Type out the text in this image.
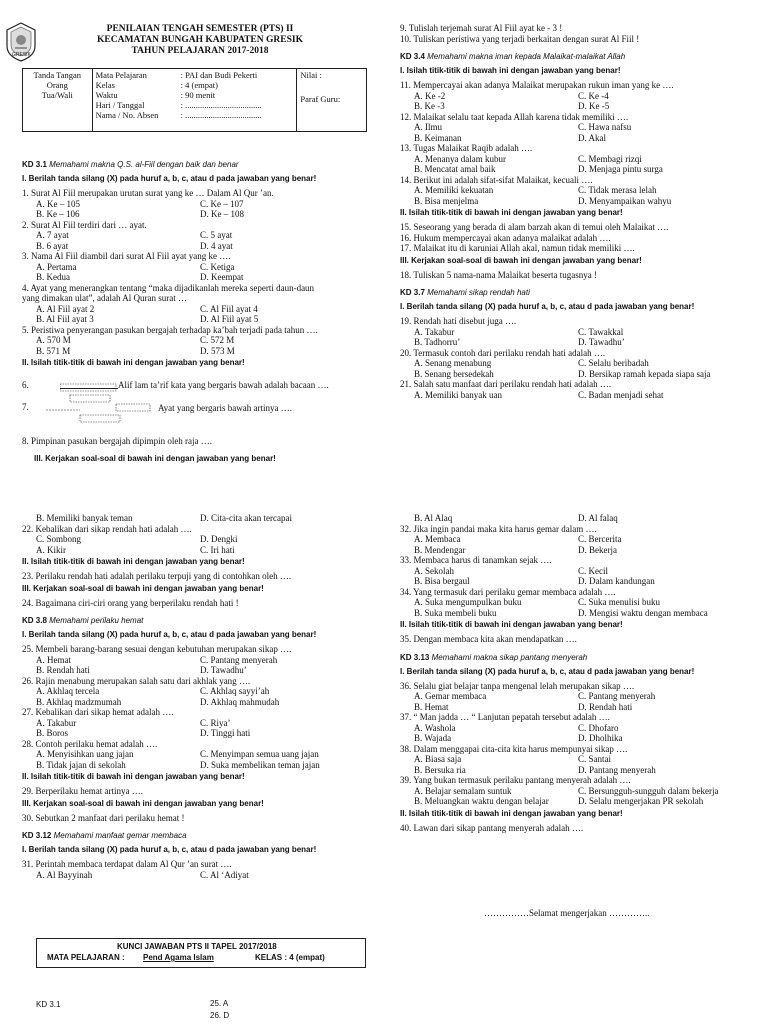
GRESIK
PENILAIAN TENGAH SEMESTER (PTS) II
KECAMATAN BUNGAH KABUPATEN GRESIK
TAHUN PELAJARAN 2017-2018
Tanda Tangan
Orang
Tua/Wali

Mata Pelajaran	: PAI dan Budi Pekerti
Kelas	: 4 (empat)
Waktu	: 90 menit
Hari / Tanggal	: ....................................
Nama / No. Absen	: ....................................

Nilai :
Paraf Guru:
KD 3.1 Memahami makna Q.S. al-Fiil dengan baik dan benar
I. Berilah tanda silang (X) pada huruf a, b, c, atau d pada jawaban yang benar!
1. Surat Al Fiil merupakan urutan surat yang ke … Dalam Al Qur ’an.
A. Ke – 105	C. Ke – 107
B. Ke – 106	D. Ke – 108
2. Surat Al Fiil terdiri dari … ayat.
A. 7 ayat	C. 5 ayat
B. 6 ayat	D. 4 ayat
3. Nama Al Fiil diambil dari surat Al Fiil ayat yang ke ….
A. Pertama	C. Ketiga
B. Kedua	D. Keempat
4. Ayat yang menerangkan tentang “maka dijadikanlah mereka seperti daun-daun
yang dimakan ulat”, adalah Al Quran surat …
A. Al Fiil ayat 2	C. Al Fiil ayat 4
B. Al Fiil ayat 3	D. Al Fiil ayat 5
5. Peristiwa penyerangan pasukan bergajah terhadap ka’bah terjadi pada tahun ….
A. 570 M	C. 572 M
B. 571 M	D. 573 M
II. Isilah titik-titik di bawah ini dengan jawaban yang benar!
9. Tulislah terjemah surat Al Fiil ayat ke - 3 !
10. Tuliskan peristiwa yang terjadi berkaitan dengan surat Al Fiil !
KD 3.4 Memahami makna iman kepada Malaikat-malaikat Allah
I. Isilah titik-titik di bawah ini dengan jawaban yang benar!
11. Mempercayai akan adanya Malaikat merupakan rukun iman yang ke ….
A. Ke -2	C. Ke -4
B. Ke -3	D. Ke -5
12. Malaikat selalu taat kepada Allah karena tidak memiliki ….
A. Ilmu	C. Hawa nafsu
B. Keimanan	D. Akal
13. Tugas Malaikat Raqib adalah ….
A. Menanya dalam kubur	C. Membagi rizqi
B. Mencatat amal baik	D. Menjaga pintu surga
14. Berikut ini adalah sifat-sifat Malaikat, kecuali ….
A. Memiliki kekuatan	C. Tidak merasa lelah
B. Bisa menjelma	D. Menyampaikan wahyu
II. Isilah titik-titik di bawah ini dengan jawaban yang benar!
15. Seseorang yang berada di alam barzah akan di temui oleh Malaikat ….
16. Hukum mempercayai akan adanya malaikat adalah ….
17. Malaikat itu di karuniai Allah akal, namun tidak memiliki ….
III. Kerjakan soal-soal di bawah ini dengan jawaban yang benar!
18. Tuliskan 5 nama-nama Malaikat beserta tugasnya !
KD 3.7 Memahami sikap rendah hati
I. Berilah tanda silang (X) pada huruf a, b, c, atau d pada jawaban yang benar!
19. Rendah hati disebut juga ….
A. Takabur	C. Tawakkal
B. Tadhorru’	D. Tawadhu’
20. Termasuk contoh dari perilaku rendah hati adalah ….
A. Senang menabung	C. Selalu beribadah
B. Senang bersedekah	D. Bersikap ramah kepada siapa saja
21. Salah satu manfaat dari perilaku rendah hati adalah ….
A. Memiliki banyak uan	C. Badan menjadi sehat
B. Memiliki banyak teman	D. Cita-cita akan tercapai
22. Kebalikan dari sikap rendah hati adalah ….
C. Sombong	D. Dengki
A. Kikir	C. Iri hati
II. Isilah titik-titik di bawah ini dengan jawaban yang benar!
23. Perilaku rendah hati adalah perilaku terpuji yang di contohkan oleh ….
III. Kerjakan soal-soal di bawah ini dengan jawaban yang benar!
24. Bagaimana ciri-ciri orang yang berperilaku rendah hati !
KD 3.8 Memahami perilaku hemat
I. Berilah tanda silang (X) pada huruf a, b, c, atau d pada jawaban yang benar!
25. Membeli barang-barang sesuai dengan kebutuhan merupakan sikap ….
A. Hemat	C. Pantang menyerah
B. Rendah hati	D. Tawadhu’
26. Rajin menabung merupakan salah satu dari akhlak yang ….
A. Akhlaq tercela	C. Akhlaq sayyi’ah
B. Akhlaq madzmumah	D. Akhlaq mahmudah
27. Kebalikan dari sikap hemat adalah ….
A. Takabur	C. Riya’
B. Boros	D. Tinggi hati
28. Contoh perilaku hemat adalah ….
A. Menyisihkan uang jajan	C. Menyimpan semua uang jajan
B. Tidak jajan di sekolah	D. Suka membelikan teman jajan
II. Isilah titik-titik di bawah ini dengan jawaban yang benar!
29. Berperilaku hemat artinya ….
III. Kerjakan soal-soal di bawah ini dengan jawaban yang benar!
30. Sebutkan 2 manfaat dari perilaku hemat !
KD 3.12 Memahami manfaat gemar membaca
I. Berilah tanda silang (X) pada huruf a, b, c, atau d pada jawaban yang benar!
31. Perintah membaca terdapat dalam Al Qur ’an surat ….
A. Al Bayyinah	C. Al ‘Adiyat
B. Al Alaq	D. Al falaq
32. Jika ingin pandai maka kita harus gemar dalam ….
A. Membaca	C. Bercerita
B. Mendengar	D. Bekerja
33. Membaca harus di tanamkan sejak ….
A. Sekolah	C. Kecil
B. Bisa bergaul	D. Dalam kandungan
34. Yang termasuk dari perilaku gemar membaca adalah ….
A. Suka mengumpulkan buku	C. Suka menulisi buku
B. Suka membeli buku	D. Mengisi waktu dengan membaca
II. Isilah titik-titik di bawah ini dengan jawaban yang benar!
35. Dengan membaca kita akan mendapatkan ….
KD 3.13 Memahami makna sikap pantang menyerah
I. Berilah tanda silang (X) pada huruf a, b, c, atau d pada jawaban yang benar!
36. Selalu giat belajar tanpa mengenal lelah merupakan sikap ….
A. Gemar membaca	C. Pantang menyerah
B. Hemat	D. Rendah hati
37. “ Man jadda … “ Lanjutan pepatah tersebut adalah ….
A. Washola	C. Dhofaro
B. Wajada	D. Dholhika
38. Dalam menggapai cita-cita kita harus mempunyai sikap ….
A. Biasa saja	C. Santai
B. Bersuka ria	D. Pantang menyerah
39. Yang bukan termasuk perilaku pantang menyerah adalah ….
A. Belajar semalam suntuk	C. Bersungguh-sungguh dalam bekerja
B. Meluangkan waktu dengan belajar	D. Selalu mengerjakan PR sekolah
II. Isilah titik-titik di bawah ini dengan jawaban yang benar!
40. Lawan dari sikap pantang menyerah adalah ….
6.	Alif lam ta’rif kata yang bergaris bawah adalah bacaan ….
7.	Ayat yang bergaris bawah artinya ….
8. Pimpinan pasukan bergajah dipimpin oleh raja ….
III. Kerjakan soal-soal di bawah ini dengan jawaban yang benar!
……………Selamat mengerjakan …………..
KUNCI JAWABAN PTS II TAPEL 2017/2018
MATA PELAJARAN : Pend Agama Islam	KELAS : 4 (empat)
KD 3.1	25. A
26. D
